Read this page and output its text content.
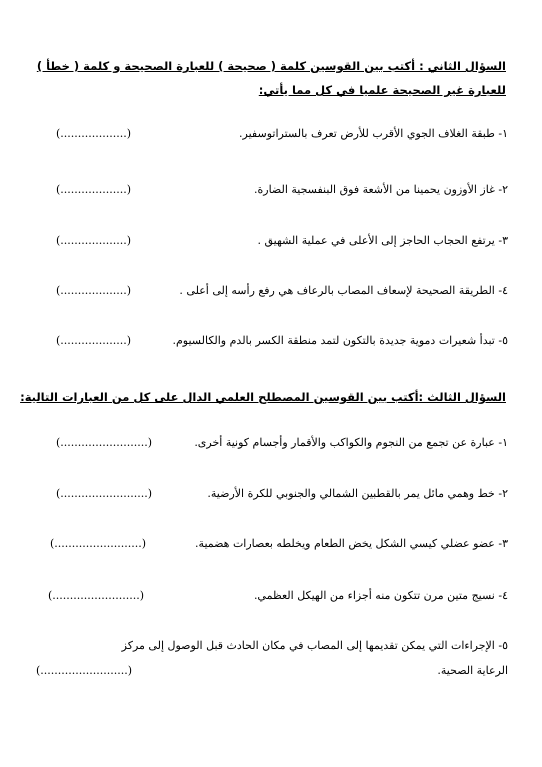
السؤال الثاني : أكتب بين القوسين كلمة ( صحيحة ) للعبارة الصحيحة و كلمة ( خطأ )
للعبارة غير الصحيحة علميا في كل مما يأتي:
١- طبقة الغلاف الجوي الأقرب للأرض تعرف بالستراتوسفير.
(...................)
٢- غاز الأوزون يحمينا من الأشعة فوق البنفسجية الضارة.
(...................)
٣- يرتفع الحجاب الحاجز إلى الأعلى في عملية الشهيق .
(...................)
٤- الطريقة الصحيحة لإسعاف المصاب بالرعاف هي رفع رأسه إلى أعلى .
(...................)
٥- تبدأ شعيرات دموية جديدة بالتكون لتمد منطقة الكسر بالدم والكالسيوم.
(...................)
السؤال الثالث :أكتب بين القوسين المصطلح العلمي الدال على كل من العبارات التالية:
١- عبارة عن تجمع من النجوم والكواكب والأقمار وأجسام كونية أخرى.
(.........................)
٢- خط وهمي مائل يمر بالقطبين الشمالي والجنوبي للكرة الأرضية.
(.........................)
٣- عضو عضلي كيسي الشكل يخض الطعام ويخلطه بعصارات هضمية.
(.........................)
٤- نسيج متين مرن تتكون منه أجزاء من الهيكل العظمي.
(.........................)
٥- الإجراءات التي يمكن تقديمها إلى المصاب في مكان الحادث قبل الوصول إلى مركز
الرعاية الصحية.
(.........................)
